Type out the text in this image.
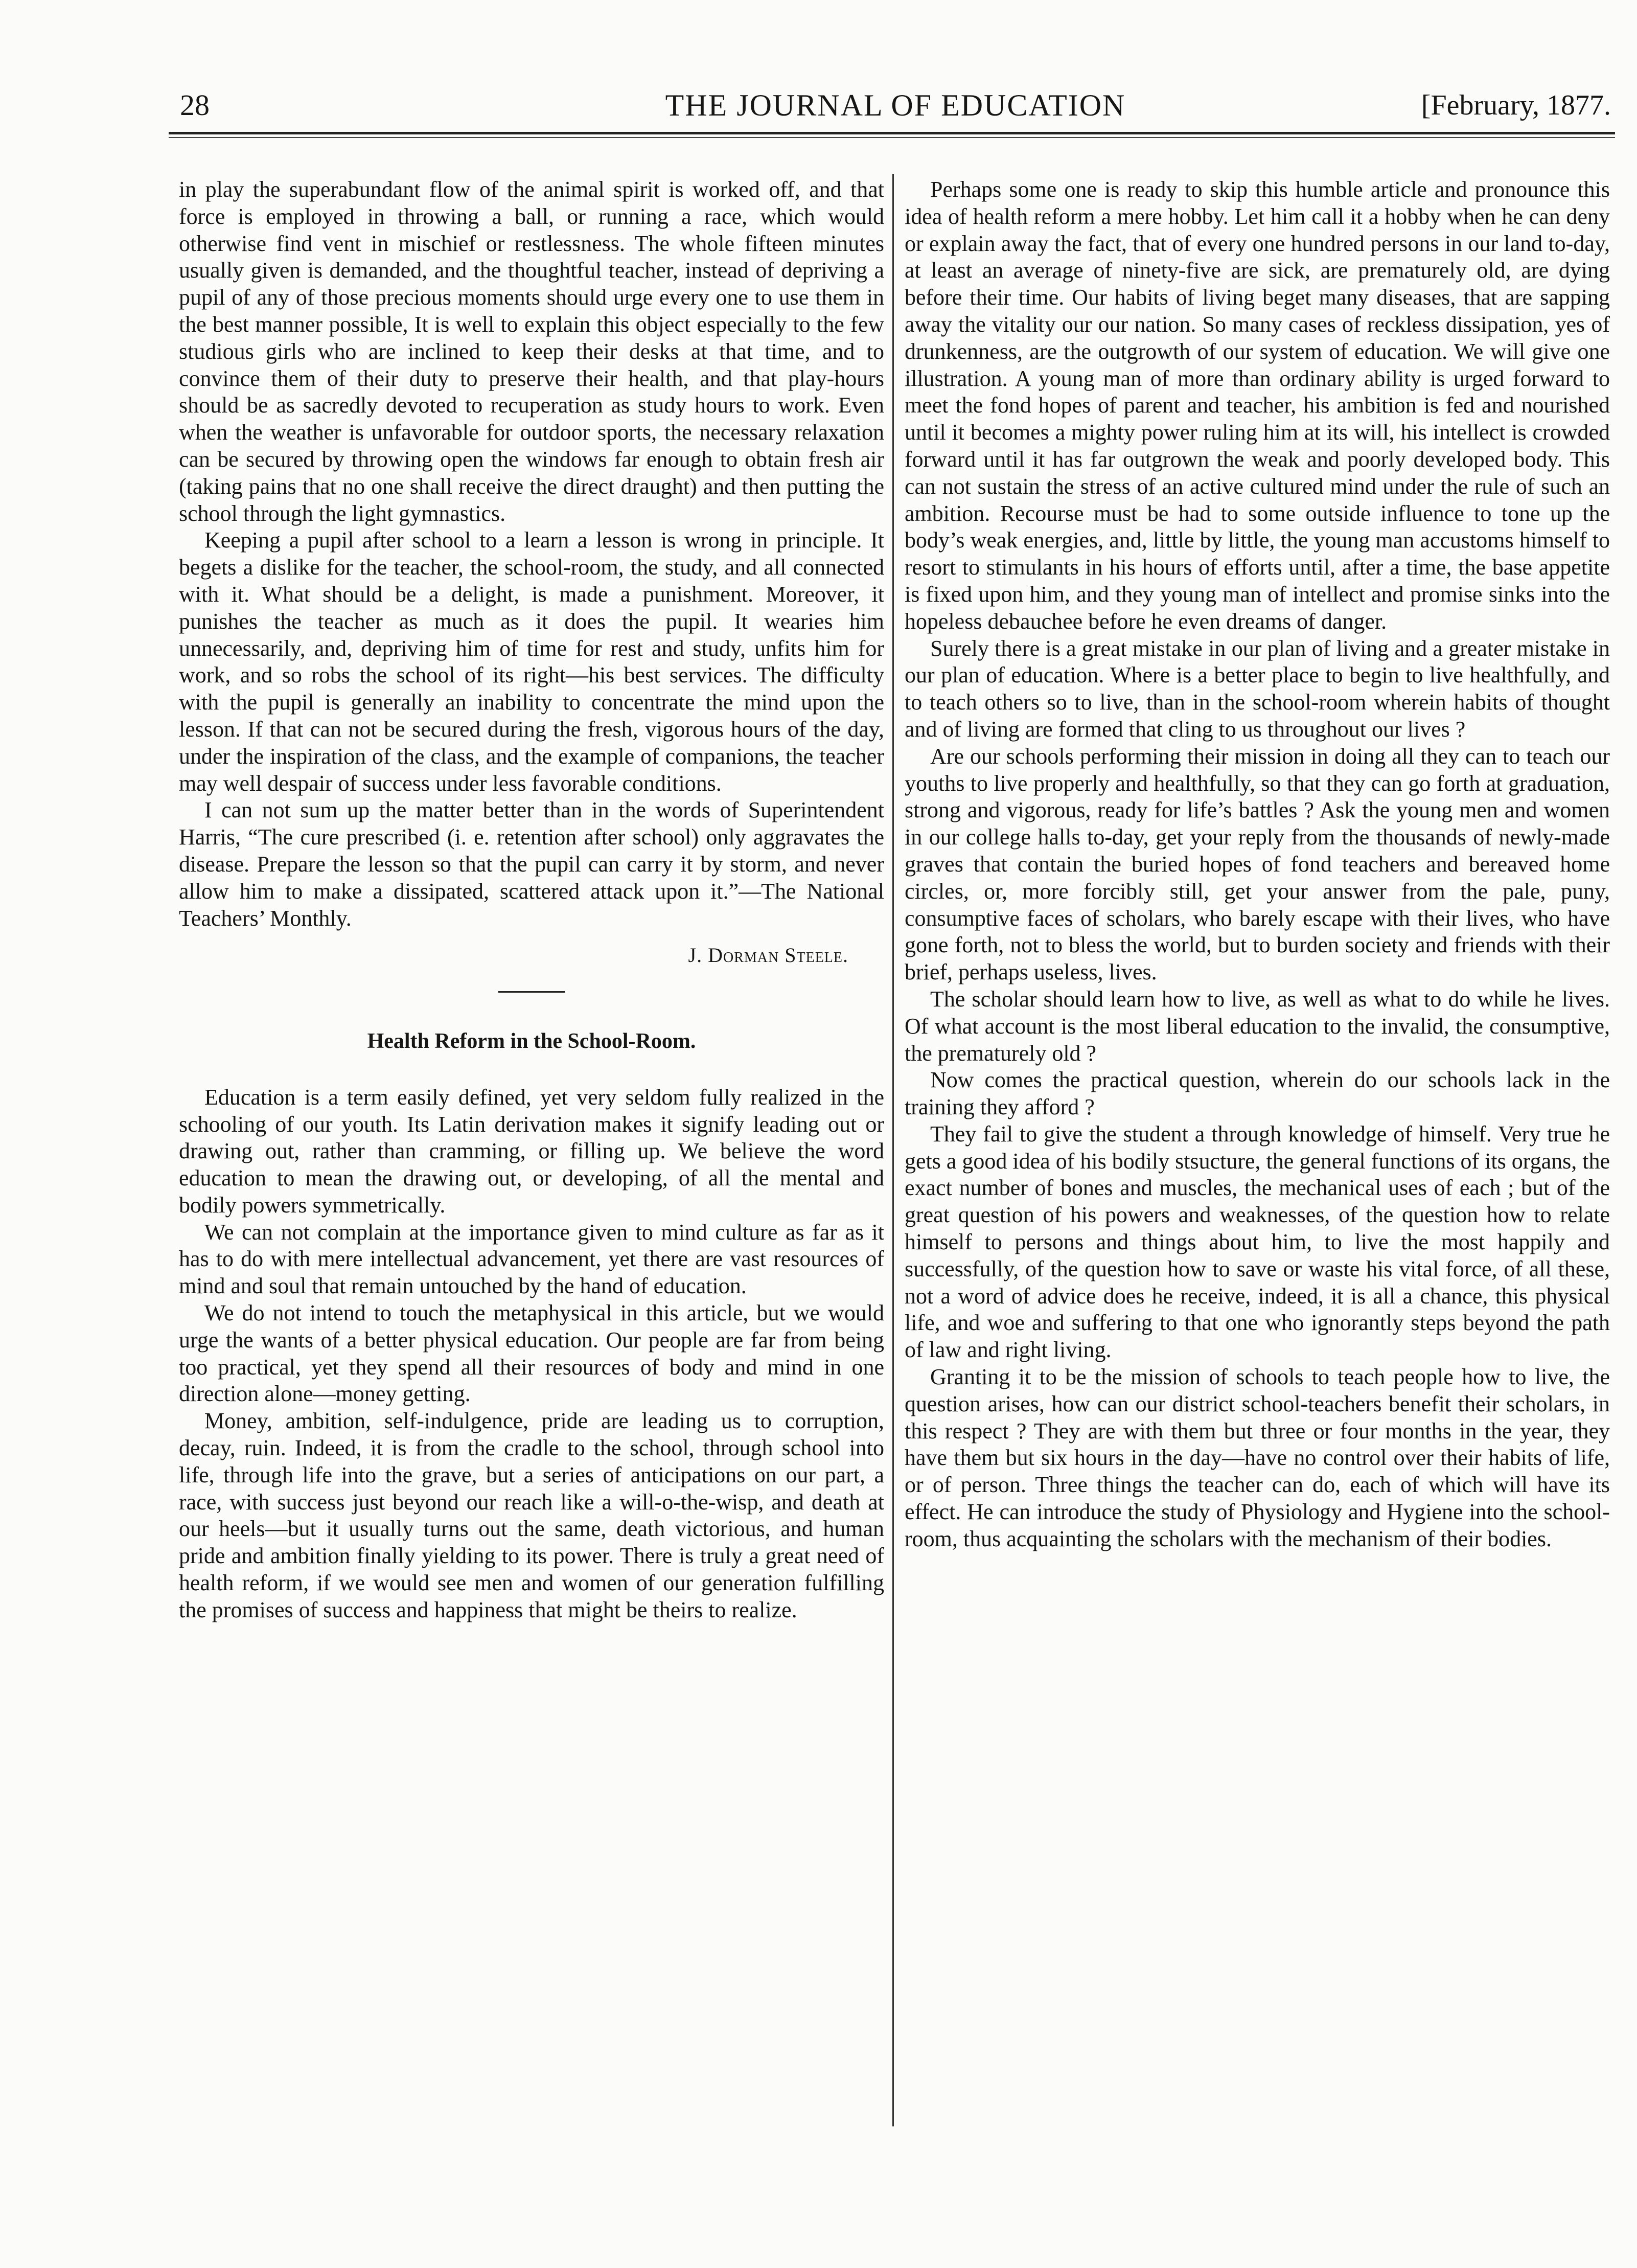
28	THE JOURNAL OF EDUCATION	[February, 1877.

in play the superabundant flow of the animal spirit is worked off, and that force is employed in throwing a ball, or running a race, which would otherwise find vent in mischief or restlessness. The whole fifteen minutes usually given is demanded, and the thoughtful teacher, instead of depriving a pupil of any of those precious moments should urge every one to use them in the best manner possible, It is well to explain this object especially to the few studious girls who are inclined to keep their desks at that time, and to convince them of their duty to preserve their health, and that play-hours should be as sacredly devoted to recuperation as study hours to work. Even when the weather is unfavorable for outdoor sports, the necessary relaxation can be secured by throwing open the windows far enough to obtain fresh air (taking pains that no one shall receive the direct draught) and then putting the school through the light gymnastics.

Keeping a pupil after school to a learn a lesson is wrong in principle. It begets a dislike for the teacher, the school-room, the study, and all connected with it. What should be a delight, is made a punishment. Moreover, it punishes the teacher as much as it does the pupil. It wearies him unnecessarily, and, depriving him of time for rest and study, unfits him for work, and so robs the school of its right—his best services. The difficulty with the pupil is generally an inability to concentrate the mind upon the lesson. If that can not be secured during the fresh, vigorous hours of the day, under the inspiration of the class, and the example of companions, the teacher may well despair of success under less favorable conditions.

I can not sum up the matter better than in the words of Superintendent Harris, “The cure prescribed (i. e. retention after school) only aggravates the disease. Prepare the lesson so that the pupil can carry it by storm, and never allow him to make a dissipated, scattered attack upon it.”—The National Teachers’ Monthly.

J. Dorman Steele.
Health Reform in the School-Room.

Education is a term easily defined, yet very seldom fully realized in the schooling of our youth. Its Latin derivation makes it signify leading out or drawing out, rather than cramming, or filling up. We believe the word education to mean the drawing out, or developing, of all the mental and bodily powers symmetrically.

We can not complain at the importance given to mind culture as far as it has to do with mere intellectual advancement, yet there are vast resources of mind and soul that remain untouched by the hand of education.

We do not intend to touch the metaphysical in this article, but we would urge the wants of a better physical education. Our people are far from being too practical, yet they spend all their resources of body and mind in one direction alone—money getting.

Money, ambition, self-indulgence, pride are leading us to corruption, decay, ruin. Indeed, it is from the cradle to the school, through school into life, through life into the grave, but a series of anticipations on our part, a race, with success just beyond our reach like a will-o-the-wisp, and death at our heels—but it usually turns out the same, death victorious, and human pride and ambition finally yielding to its power. There is truly a great need of health reform, if we would see men and women of our generation fulfilling the promises of success and happiness that might be theirs to realize.

Perhaps some one is ready to skip this humble article and pronounce this idea of health reform a mere hobby. Let him call it a hobby when he can deny or explain away the fact, that of every one hundred persons in our land to-day, at least an average of ninety-five are sick, are prematurely old, are dying before their time. Our habits of living beget many diseases, that are sapping away the vitality our our nation. So many cases of reckless dissipation, yes of drunkenness, are the outgrowth of our system of education. We will give one illustration. A young man of more than ordinary ability is urged forward to meet the fond hopes of parent and teacher, his ambition is fed and nourished until it becomes a mighty power ruling him at its will, his intellect is crowded forward until it has far outgrown the weak and poorly developed body. This can not sustain the stress of an active cultured mind under the rule of such an ambition. Recourse must be had to some outside influence to tone up the body’s weak energies, and, little by little, the young man accustoms himself to resort to stimulants in his hours of efforts until, after a time, the base appetite is fixed upon him, and they young man of intellect and promise sinks into the hopeless debauchee before he even dreams of danger.

Surely there is a great mistake in our plan of living and a greater mistake in our plan of education. Where is a better place to begin to live healthfully, and to teach others so to live, than in the school-room wherein habits of thought and of living are formed that cling to us throughout our lives ?

Are our schools performing their mission in doing all they can to teach our youths to live properly and healthfully, so that they can go forth at graduation, strong and vigorous, ready for life’s battles ? Ask the young men and women in our college halls to-day, get your reply from the thousands of newly-made graves that contain the buried hopes of fond teachers and bereaved home circles, or, more forcibly still, get your answer from the pale, puny, consumptive faces of scholars, who barely escape with their lives, who have gone forth, not to bless the world, but to burden society and friends with their brief, perhaps useless, lives.

The scholar should learn how to live, as well as what to do while he lives. Of what account is the most liberal education to the invalid, the consumptive, the prematurely old ?

Now comes the practical question, wherein do our schools lack in the training they afford ?

They fail to give the student a through knowledge of himself. Very true he gets a good idea of his bodily stsucture, the general functions of its organs, the exact number of bones and muscles, the mechanical uses of each ; but of the great question of his powers and weaknesses, of the question how to relate himself to persons and things about him, to live the most happily and successfully, of the question how to save or waste his vital force, of all these, not a word of advice does he receive, indeed, it is all a chance, this physical life, and woe and suffering to that one who ignorantly steps beyond the path of law and right living.

Granting it to be the mission of schools to teach people how to live, the question arises, how can our district school-teachers benefit their scholars, in this respect ? They are with them but three or four months in the year, they have them but six hours in the day—have no control over their habits of life, or of person. Three things the teacher can do, each of which will have its effect. He can introduce the study of Physiology and Hygiene into the school-room, thus acquainting the scholars with the mechanism of their bodies.
